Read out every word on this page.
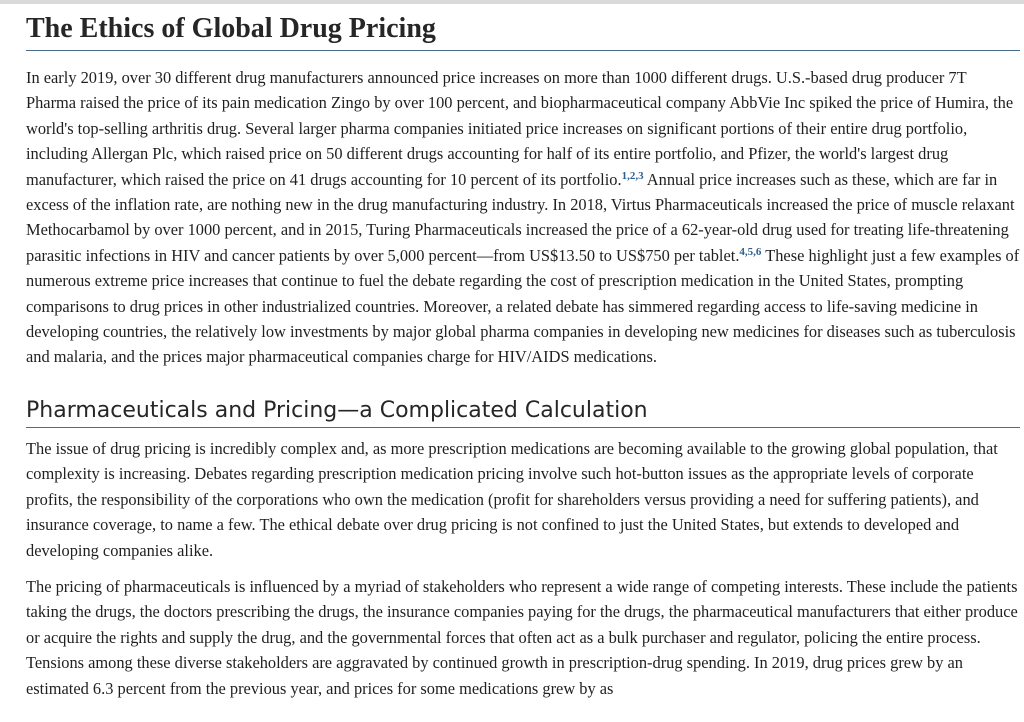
The Ethics of Global Drug Pricing

In early 2019, over 30 different drug manufacturers announced price increases on more than 1000 different drugs. U.S.-based drug producer 7T Pharma raised the price of its pain medication Zingo by over 100 percent, and biopharmaceutical company AbbVie Inc spiked the price of Humira, the world's top-selling arthritis drug. Several larger pharma companies initiated price increases on significant portions of their entire drug portfolio, including Allergan Plc, which raised price on 50 different drugs accounting for half of its entire portfolio, and Pfizer, the world's largest drug manufacturer, which raised the price on 41 drugs accounting for 10 percent of its portfolio.$^{1,2,3}$ Annual price increases such as these, which are far in excess of the inflation rate, are nothing new in the drug manufacturing industry. In 2018, Virtus Pharmaceuticals increased the price of muscle relaxant Methocarbamol by over 1000 percent, and in 2015, Turing Pharmaceuticals increased the price of a 62-year-old drug used for treating life-threatening parasitic infections in HIV and cancer patients by over 5,000 percent—from US$13.50 to US$750 per tablet.$^{4,5,6}$ These highlight just a few examples of numerous extreme price increases that continue to fuel the debate regarding the cost of prescription medication in the United States, prompting comparisons to drug prices in other industrialized countries. Moreover, a related debate has simmered regarding access to life-saving medicine in developing countries, the relatively low investments by major global pharma companies in developing new medicines for diseases such as tuberculosis and malaria, and the prices major pharmaceutical companies charge for HIV/AIDS medications.

Pharmaceuticals and Pricing—a Complicated Calculation

The issue of drug pricing is incredibly complex and, as more prescription medications are becoming available to the growing global population, that complexity is increasing. Debates regarding prescription medication pricing involve such hot-button issues as the appropriate levels of corporate profits, the responsibility of the corporations who own the medication (profit for shareholders versus providing a need for suffering patients), and insurance coverage, to name a few. The ethical debate over drug pricing is not confined to just the United States, but extends to developed and developing companies alike.

The pricing of pharmaceuticals is influenced by a myriad of stakeholders who represent a wide range of competing interests. These include the patients taking the drugs, the doctors prescribing the drugs, the insurance companies paying for the drugs, the pharmaceutical manufacturers that either produce or acquire the rights and supply the drug, and the governmental forces that often act as a bulk purchaser and regulator, policing the entire process. Tensions among these diverse stakeholders are aggravated by continued growth in prescription-drug spending. In 2019, drug prices grew by an estimated 6.3 percent from the previous year, and prices for some medications grew by as
